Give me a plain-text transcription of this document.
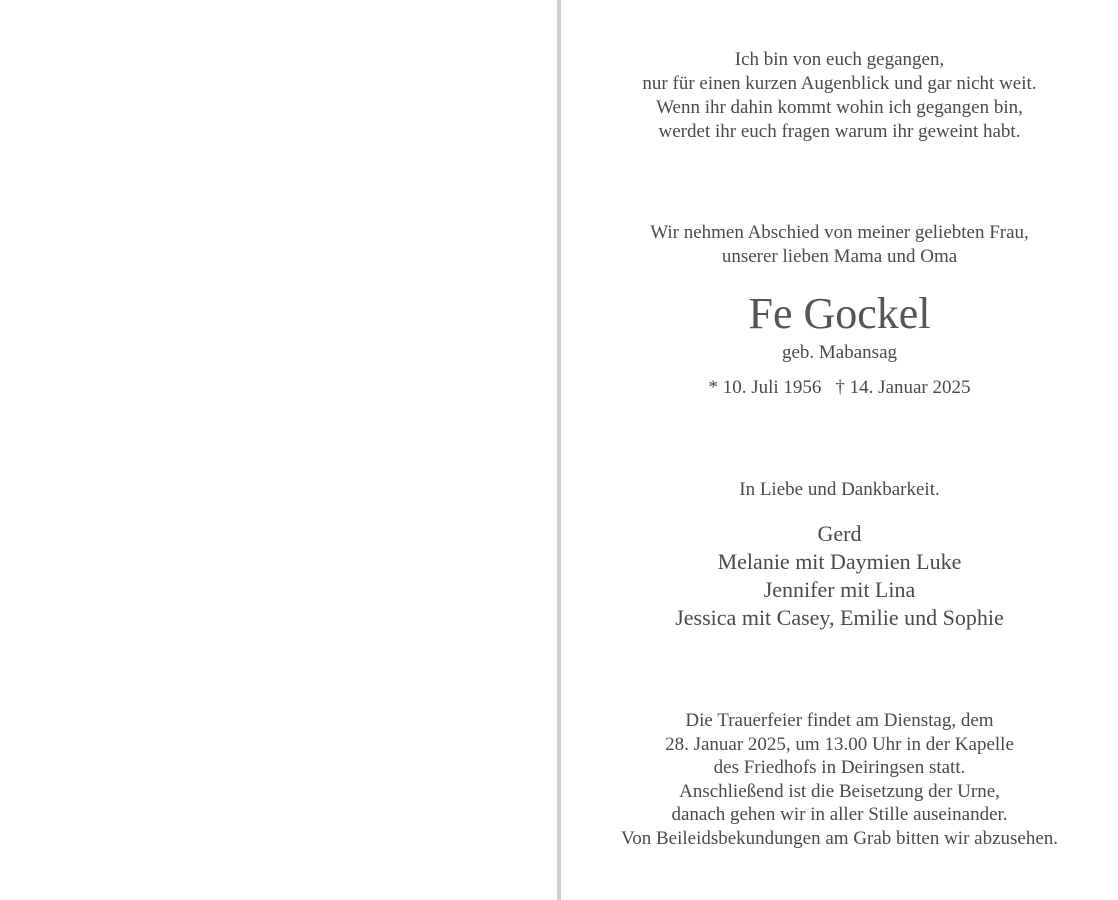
Ich bin von euch gegangen,
nur für einen kurzen Augenblick und gar nicht weit.
Wenn ihr dahin kommt wohin ich gegangen bin,
werdet ihr euch fragen warum ihr geweint habt.
Wir nehmen Abschied von meiner geliebten Frau,
unserer lieben Mama und Oma
Fe Gockel
geb. Mabansag
* 10. Juli 1956 † 14. Januar 2025
In Liebe und Dankbarkeit.
Gerd
Melanie mit Daymien Luke
Jennifer mit Lina
Jessica mit Casey, Emilie und Sophie
Die Trauerfeier findet am Dienstag, dem
28. Januar 2025, um 13.00 Uhr in der Kapelle
des Friedhofs in Deiringsen statt.
Anschließend ist die Beisetzung der Urne,
danach gehen wir in aller Stille auseinander.
Von Beileidsbekundungen am Grab bitten wir abzusehen.
